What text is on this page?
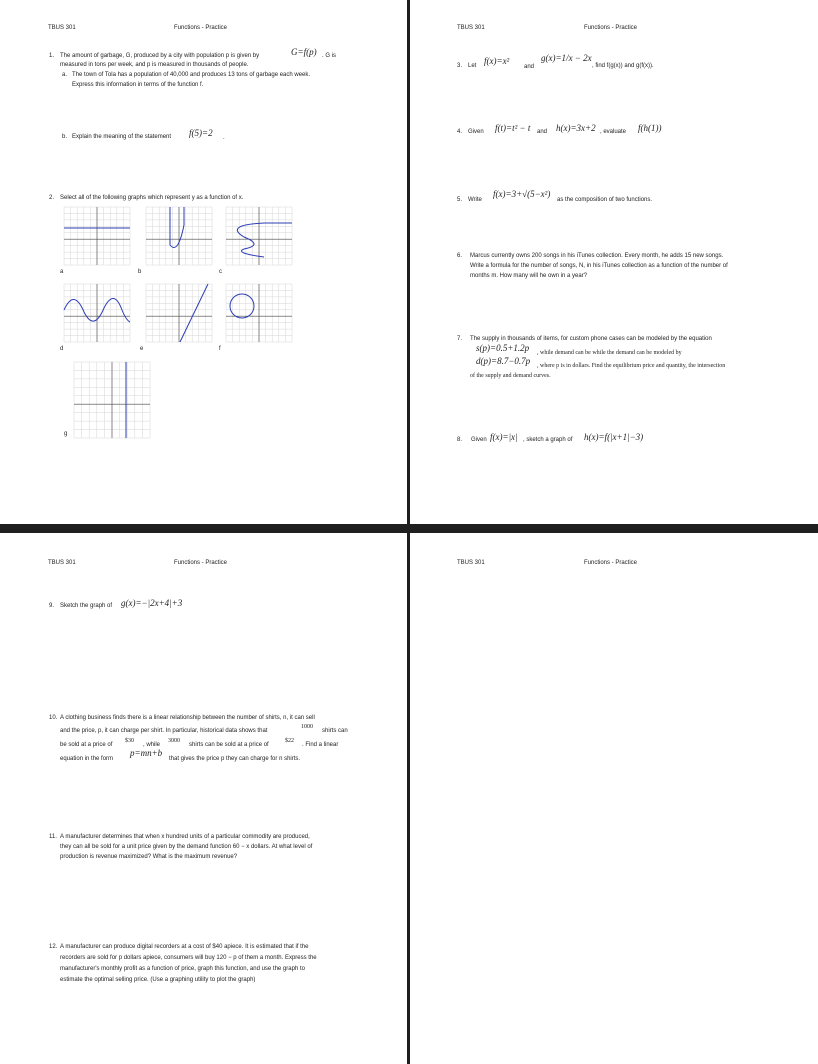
TBUS 301	Functions - Practice
1. The amount of garbage, G, produced by a city with population p is given by	G=f(p) . G is
measured in tons per week, and p is measured in thousands of people.
a. The town of Tola has a population of 40,000 and produces 13 tons of garbage each week.
Express this information in terms of the function f.
b. Explain the meaning of the statement f(5)=2 .
2. Select all of the following graphs which represent y as a function of x.
a	b	c
d	e	f
g
TBUS 301	Functions - Practice
3. Let f(x)=x²
and
g(x)=1/x − 2x
, find f(g(x)) and g(f(x)).
4. Given f(t)=t² − t and h(x)=3x+2 , evaluate f(h(1))
5. Write
f(x)=3+√(5−x²)
as the composition of two functions.
6. Marcus currently owns 200 songs in his iTunes collection. Every month, he adds 15 new songs.
Write a formula for the number of songs, N, in his iTunes collection as a function of the number of
months m. How many will he own in a year?
7. The supply in thousands of items, for custom phone cases can be modeled by the equation
s(p)=0.5+1.2p , while demand can be while the demand can be modeled by
d(p)=8.7−0.7p , where p is in dollars. Find the equilibrium price and quantity, the intersection
of the supply and demand curves.
8. Given f(x)=|x| , sketch a graph of h(x)=f(|x+1|−3)
TBUS 301	Functions - Practice
9. Sketch the graph of g(x)=−|2x+4|+3
10. A clothing business finds there is a linear relationship between the number of shirts, n, it can sell
and the price, p, it can charge per shirt. In particular, historical data shows that
1000
shirts can
be sold at a price of
$30
, while
3000
shirts can be sold at a price of
$22
. Find a linear
equation in the form
p=mn+b
that gives the price p they can charge for n shirts.
11. A manufacturer determines that when x hundred units of a particular commodity are produced,
they can all be sold for a unit price given by the demand function 60 − x dollars. At what level of
production is revenue maximized? What is the maximum revenue?
12. A manufacturer can produce digital recorders at a cost of $40 apiece. It is estimated that if the
recorders are sold for p dollars apiece, consumers will buy 120 − p of them a month. Express the
manufacturer's monthly profit as a function of price, graph this function, and use the graph to
estimate the optimal selling price. (Use a graphing utility to plot the graph)
TBUS 301	Functions - Practice
